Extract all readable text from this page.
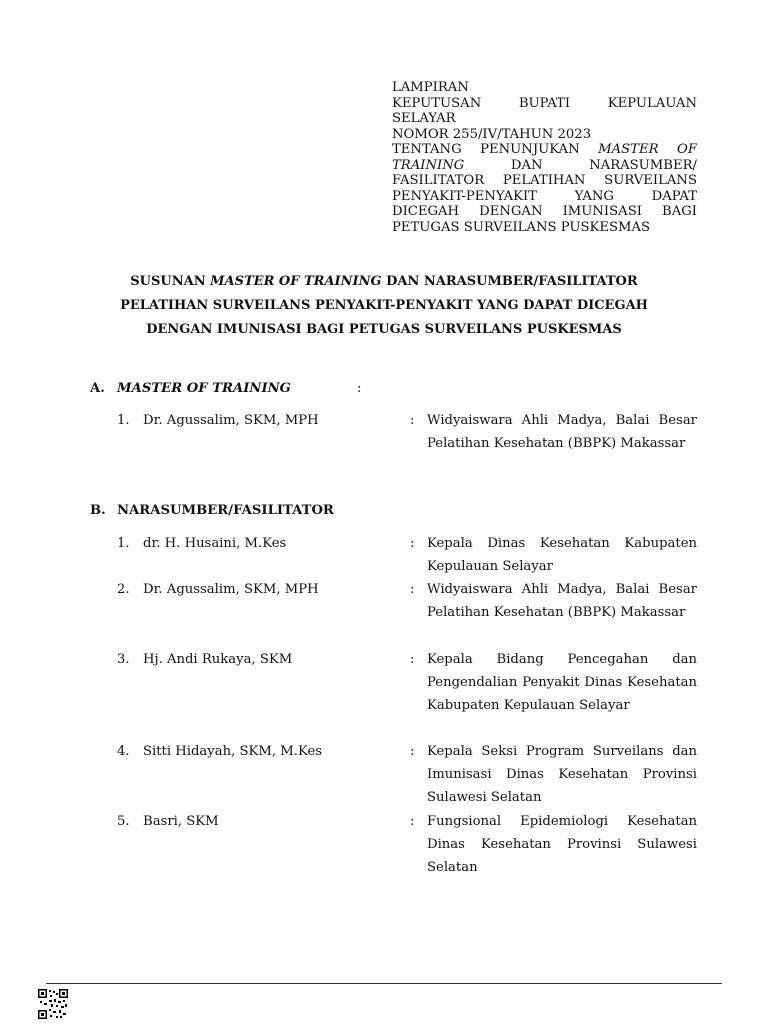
LAMPIRAN
KEPUTUSAN BUPATI KEPULAUAN
SELAYAR
NOMOR 255/IV/TAHUN 2023
TENTANG PENUNJUKAN MASTER OF TRAINING DAN NARASUMBER/ FASILITATOR PELATIHAN SURVEILANS PENYAKIT-PENYAKIT YANG DAPAT DICEGAH DENGAN IMUNISASI BAGI PETUGAS SURVEILANS PUSKESMAS
SUSUNAN MASTER OF TRAINING DAN NARASUMBER/FASILITATOR
PELATIHAN SURVEILANS PENYAKIT-PENYAKIT YANG DAPAT DICEGAH
DENGAN IMUNISASI BAGI PETUGAS SURVEILANS PUSKESMAS
A. MASTER OF TRAINING	:
1.	Dr. Agussalim, SKM, MPH	: Widyaiswara Ahli Madya, Balai Besar Pelatihan Kesehatan (BBPK) Makassar
B. NARASUMBER/FASILITATOR
1.	dr. H. Husaini, M.Kes	: Kepala Dinas Kesehatan Kabupaten Kepulauan Selayar
2.	Dr. Agussalim, SKM, MPH	: Widyaiswara Ahli Madya, Balai Besar Pelatihan Kesehatan (BBPK) Makassar
3.	Hj. Andi Rukaya, SKM	: Kepala Bidang Pencegahan dan Pengendalian Penyakit Dinas Kesehatan Kabupaten Kepulauan Selayar
4.	Sitti Hidayah, SKM, M.Kes	: Kepala Seksi Program Surveilans dan Imunisasi Dinas Kesehatan Provinsi Sulawesi Selatan
5.	Basri, SKM	: Fungsional Epidemiologi Kesehatan Dinas Kesehatan Provinsi Sulawesi Selatan
